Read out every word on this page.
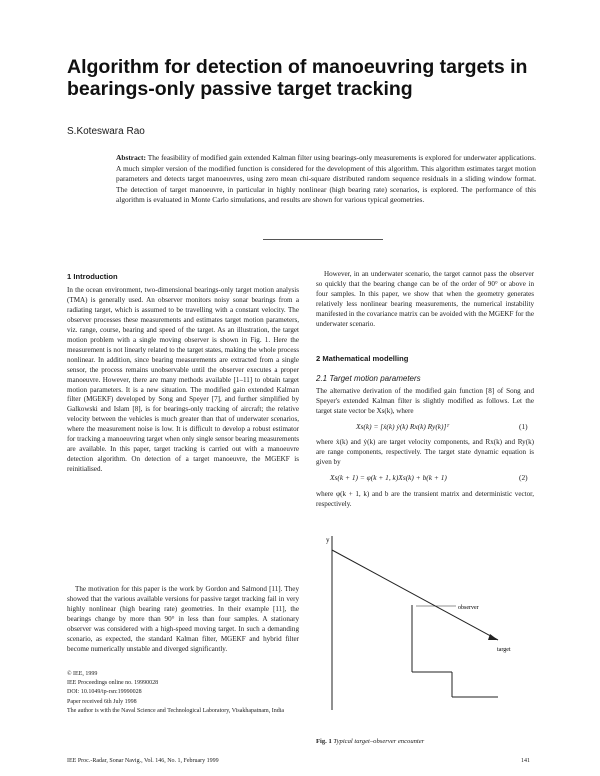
Algorithm for detection of manoeuvring targets in bearings-only passive target tracking
S.Koteswara Rao
Abstract: The feasibility of modified gain extended Kalman filter using bearings-only measurements is explored for underwater applications. A much simpler version of the modified function is considered for the development of this algorithm. This algorithm estimates target motion parameters and detects target manoeuvres, using zero mean chi-square distributed random sequence residuals in a sliding window format. The detection of target manoeuvre, in particular in highly nonlinear (high bearing rate) scenarios, is explored. The performance of this algorithm is evaluated in Monte Carlo simulations, and results are shown for various typical geometries.
1 Introduction
In the ocean environment, two-dimensional bearings-only target motion analysis (TMA) is generally used. An observer monitors noisy sonar bearings from a radiating target, which is assumed to be travelling with a constant velocity. The observer processes these measurements and estimates target motion parameters, viz. range, course, bearing and speed of the target. As an illustration, the target motion problem with a single moving observer is shown in Fig. 1. Here the measurement is not linearly related to the target states, making the whole process nonlinear. In addition, since bearing measurements are extracted from a single sensor, the process remains unobservable until the observer executes a proper manoeuvre. However, there are many methods available [1–11] to obtain target motion parameters. It is a new situation. The modified gain extended Kalman filter (MGEKF) developed by Song and Speyer [7], and further simplified by Galkowski and Islam [8], is for bearings-only tracking of aircraft; the relative velocity between the vehicles is much greater than that of underwater scenarios, where the measurement noise is low. It is difficult to develop a robust estimator for tracking a manoeuvring target when only single sensor bearing measurements are available. In this paper, target tracking is carried out with a manoeuvre detection algorithm. On detection of a target manoeuvre, the MGEKF is reinitialised.
The motivation for this paper is the work by Gordon and Salmond [11]. They showed that the various available versions for passive target tracking fail in very highly nonlinear (high bearing rate) geometries. In their example [11], the bearings change by more than 90° in less than four samples. A stationary observer was considered with a high-speed moving target. In such a demanding scenario, as expected, the standard Kalman filter, MGEKF and hybrid filter become numerically unstable and diverged significantly.
© IEE, 1999
IEE Proceedings online no. 19990028
DOI: 10.1049/ip-rsn:19990028
Paper received 6th July 1998
The author is with the Naval Science and Technological Laboratory, Visakhapatnam, India
However, in an underwater scenario, the target cannot pass the observer so quickly that the bearing change can be of the order of 90° or above in four samples. In this paper, we show that when the geometry generates relatively less nonlinear bearing measurements, the numerical instability manifested in the covariance matrix can be avoided with the MGEKF for the underwater scenario.
2 Mathematical modelling
2.1 Target motion parameters
The alternative derivation of the modified gain function [8] of Song and Speyer's extended Kalman filter is slightly modified as follows. Let the target state vector be Xs(k), where
Xs(k) = [ẋ(k) ẏ(k) Rx(k) Ry(k)]ᵀ	(1)
where ẋ(k) and ẏ(k) are target velocity components, and Rx(k) and Ry(k) are range components, respectively. The target state dynamic equation is given by
Xs(k + 1) = φ(k + 1, k)Xs(k) + b(k + 1)	(2)
where φ(k + 1, k) and b are the transient matrix and deterministic vector, respectively.
y
target
observer
Fig. 1 Typical target–observer encounter
IEE Proc.-Radar, Sonar Navig., Vol. 146, No. 1, February 1999	141
